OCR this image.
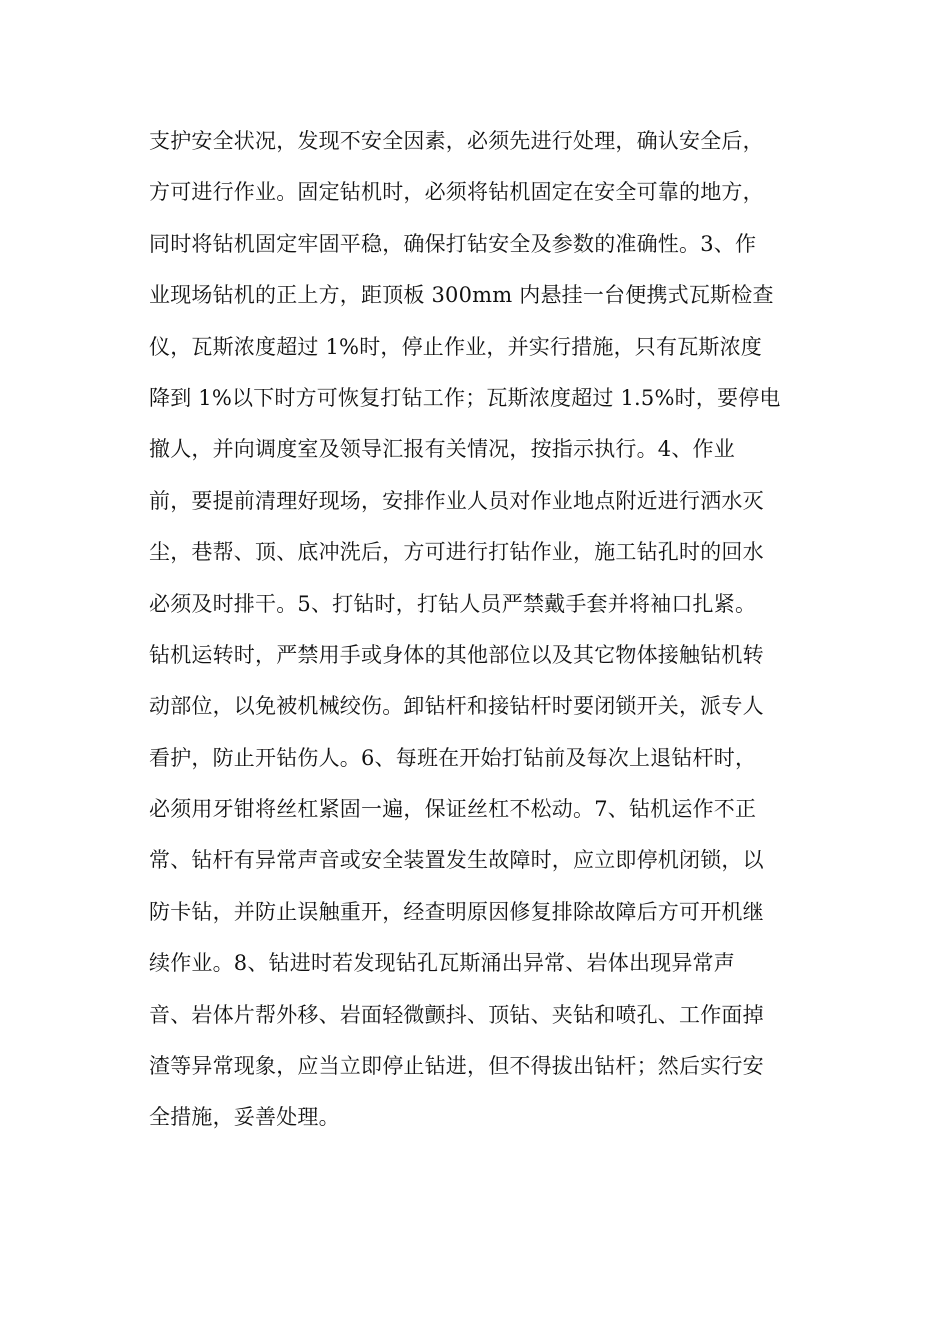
支护安全状况，发现不安全因素，必须先进行处理，确认安全后，
方可进行作业。固定钻机时，必须将钻机固定在安全可靠的地方，
同时将钻机固定牢固平稳，确保打钻安全及参数的准确性。3、作
业现场钻机的正上方，距顶板 300mm 内悬挂一台便携式瓦斯检查
仪，瓦斯浓度超过 1%时，停止作业，并实行措施，只有瓦斯浓度
降到 1%以下时方可恢复打钻工作；瓦斯浓度超过 1.5%时，要停电
撤人，并向调度室及领导汇报有关情况，按指示执行。4、作业
前，要提前清理好现场，安排作业人员对作业地点附近进行洒水灭
尘，巷帮、顶、底冲洗后，方可进行打钻作业，施工钻孔时的回水
必须及时排干。5、打钻时，打钻人员严禁戴手套并将袖口扎紧。
钻机运转时，严禁用手或身体的其他部位以及其它物体接触钻机转
动部位，以免被机械绞伤。卸钻杆和接钻杆时要闭锁开关，派专人
看护，防止开钻伤人。6、每班在开始打钻前及每次上退钻杆时，
必须用牙钳将丝杠紧固一遍，保证丝杠不松动。7、钻机运作不正
常、钻杆有异常声音或安全装置发生故障时，应立即停机闭锁，以
防卡钻，并防止误触重开，经查明原因修复排除故障后方可开机继
续作业。8、钻进时若发现钻孔瓦斯涌出异常、岩体出现异常声
音、岩体片帮外移、岩面轻微颤抖、顶钻、夹钻和喷孔、工作面掉
渣等异常现象，应当立即停止钻进，但不得拔出钻杆；然后实行安
全措施，妥善处理。
